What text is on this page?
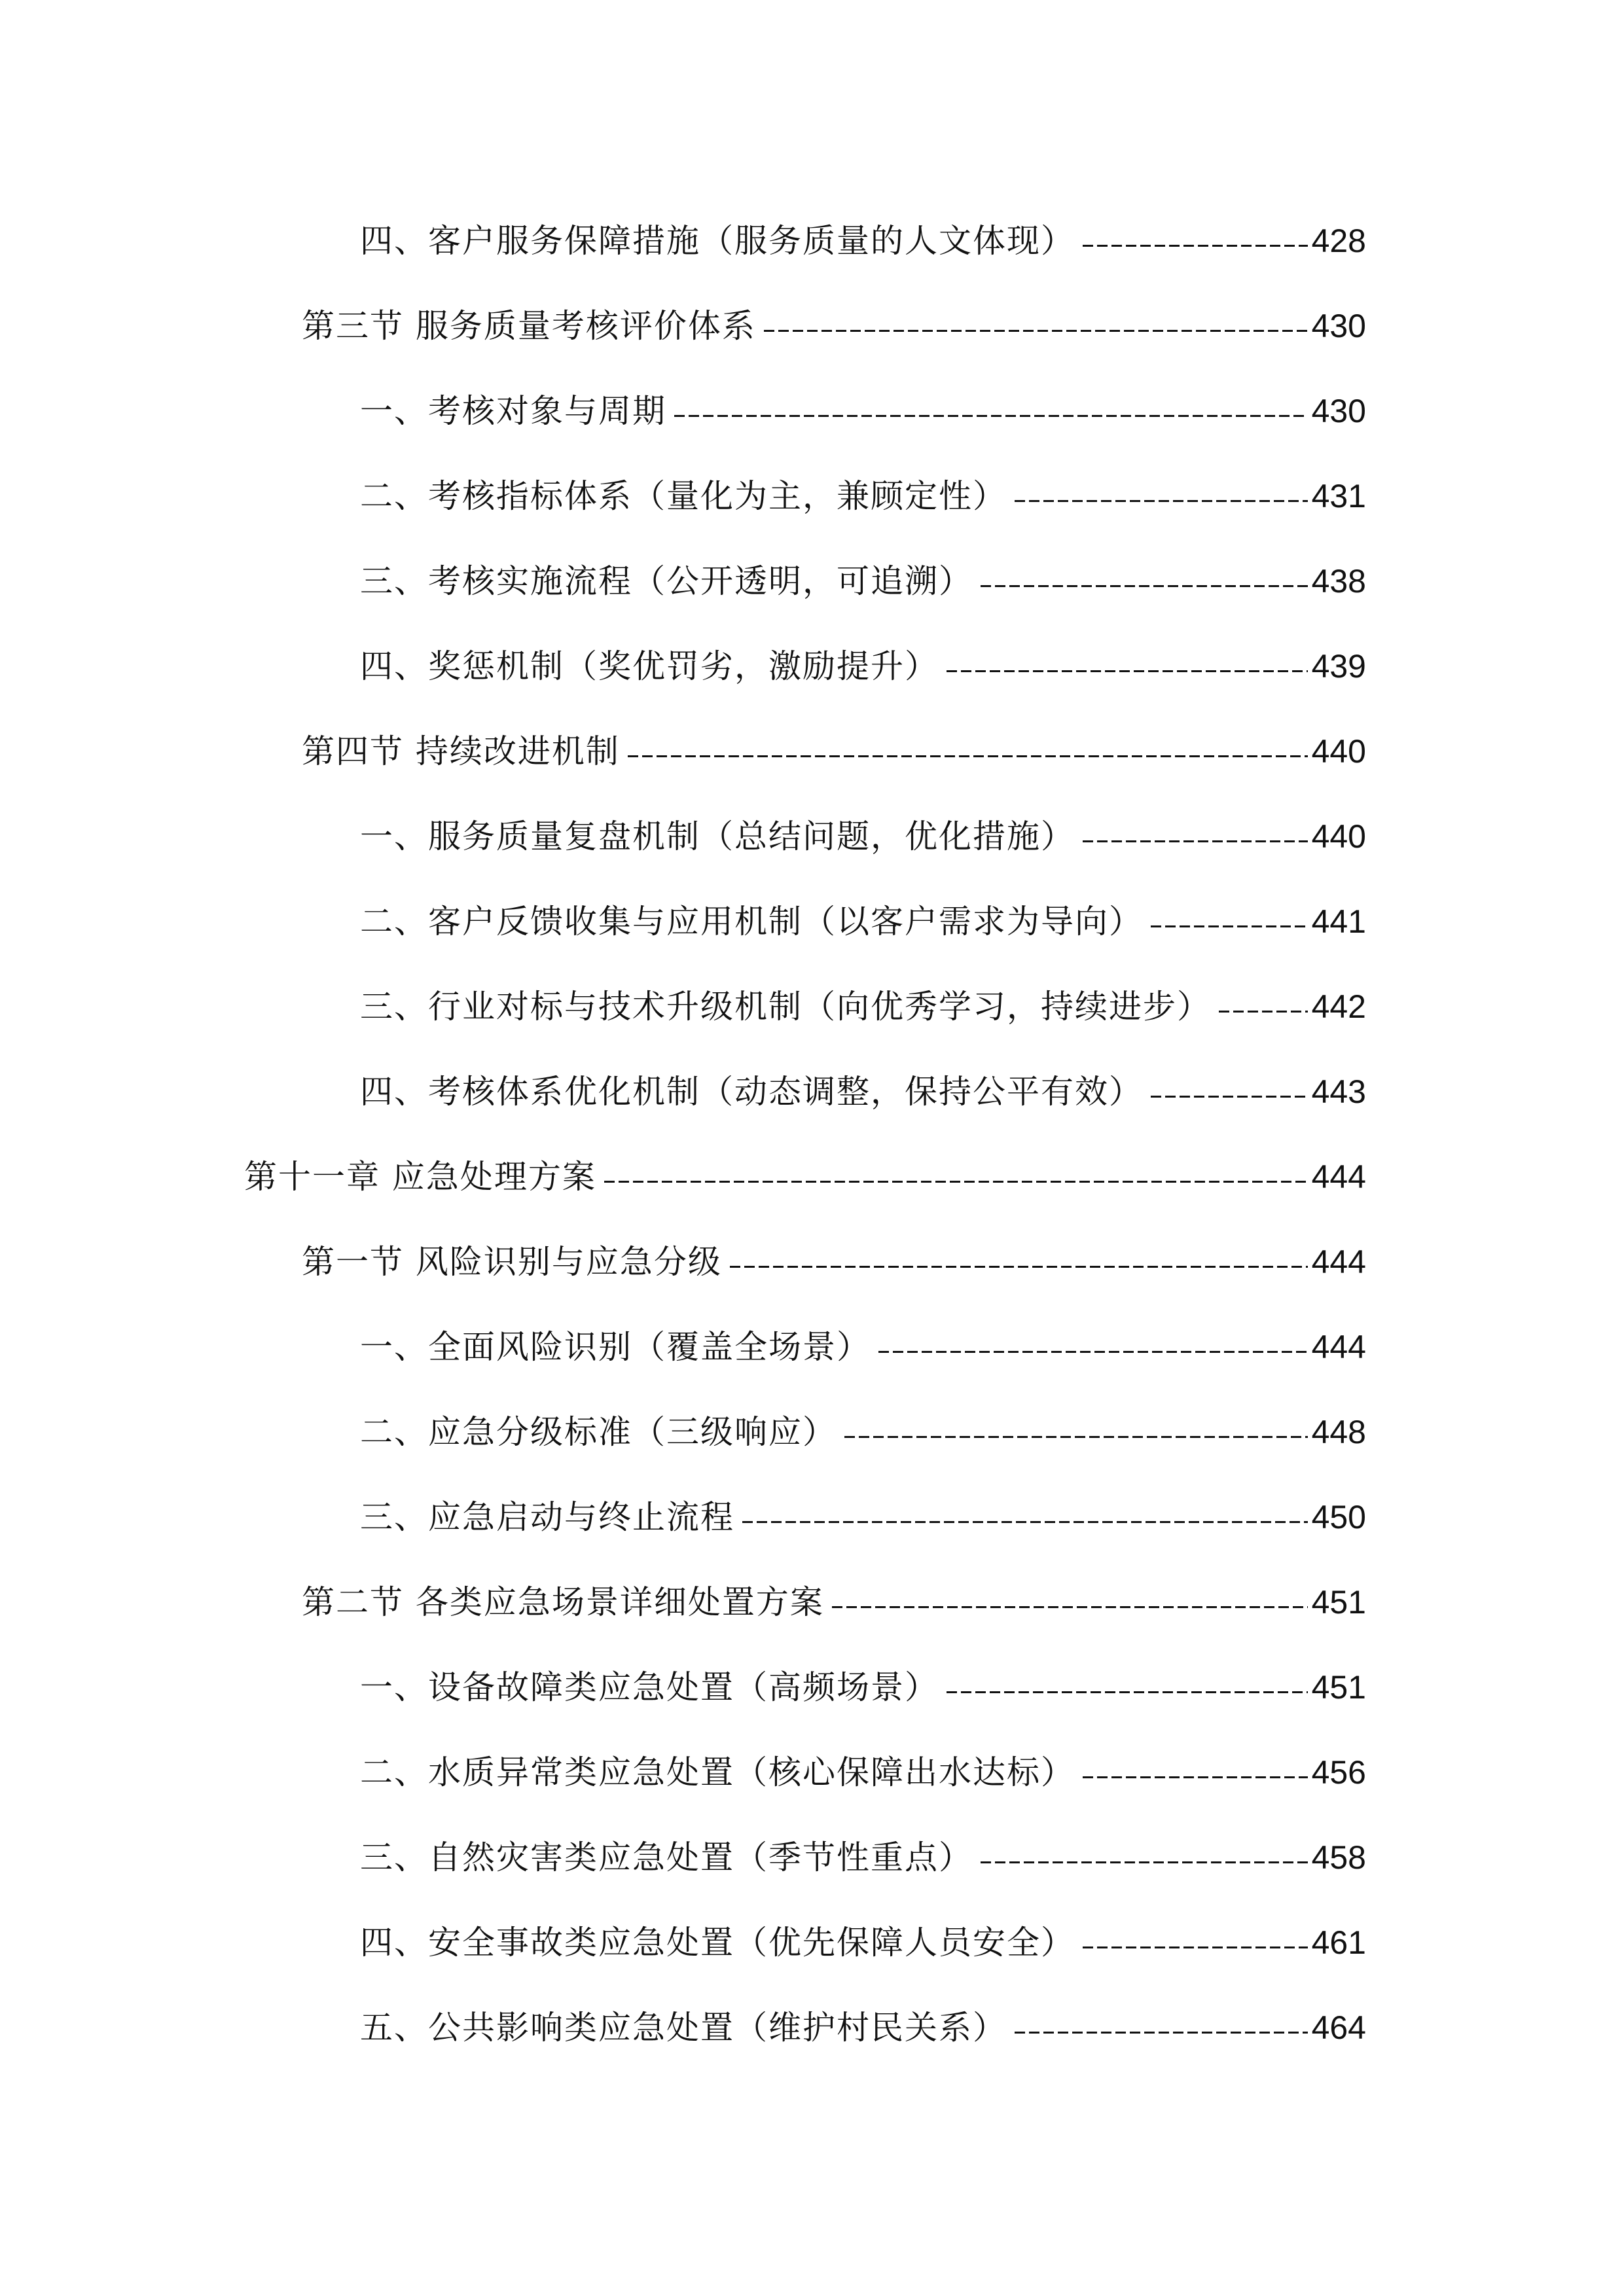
四、客户服务保障措施（服务质量的人文体现）	428
第三节 服务质量考核评价体系	430
一、考核对象与周期	430
二、考核指标体系（量化为主，兼顾定性）	431
三、考核实施流程（公开透明，可追溯）	438
四、奖惩机制（奖优罚劣，激励提升）	439
第四节 持续改进机制	440
一、服务质量复盘机制（总结问题，优化措施）	440
二、客户反馈收集与应用机制（以客户需求为导向）	441
三、行业对标与技术升级机制（向优秀学习，持续进步）	442
四、考核体系优化机制（动态调整，保持公平有效）	443
第十一章 应急处理方案	444
第一节 风险识别与应急分级	444
一、全面风险识别（覆盖全场景）	444
二、应急分级标准（三级响应）	448
三、应急启动与终止流程	450
第二节 各类应急场景详细处置方案	451
一、设备故障类应急处置（高频场景）	451
二、水质异常类应急处置（核心保障出水达标）	456
三、自然灾害类应急处置（季节性重点）	458
四、安全事故类应急处置（优先保障人员安全）	461
五、公共影响类应急处置（维护村民关系）	464
